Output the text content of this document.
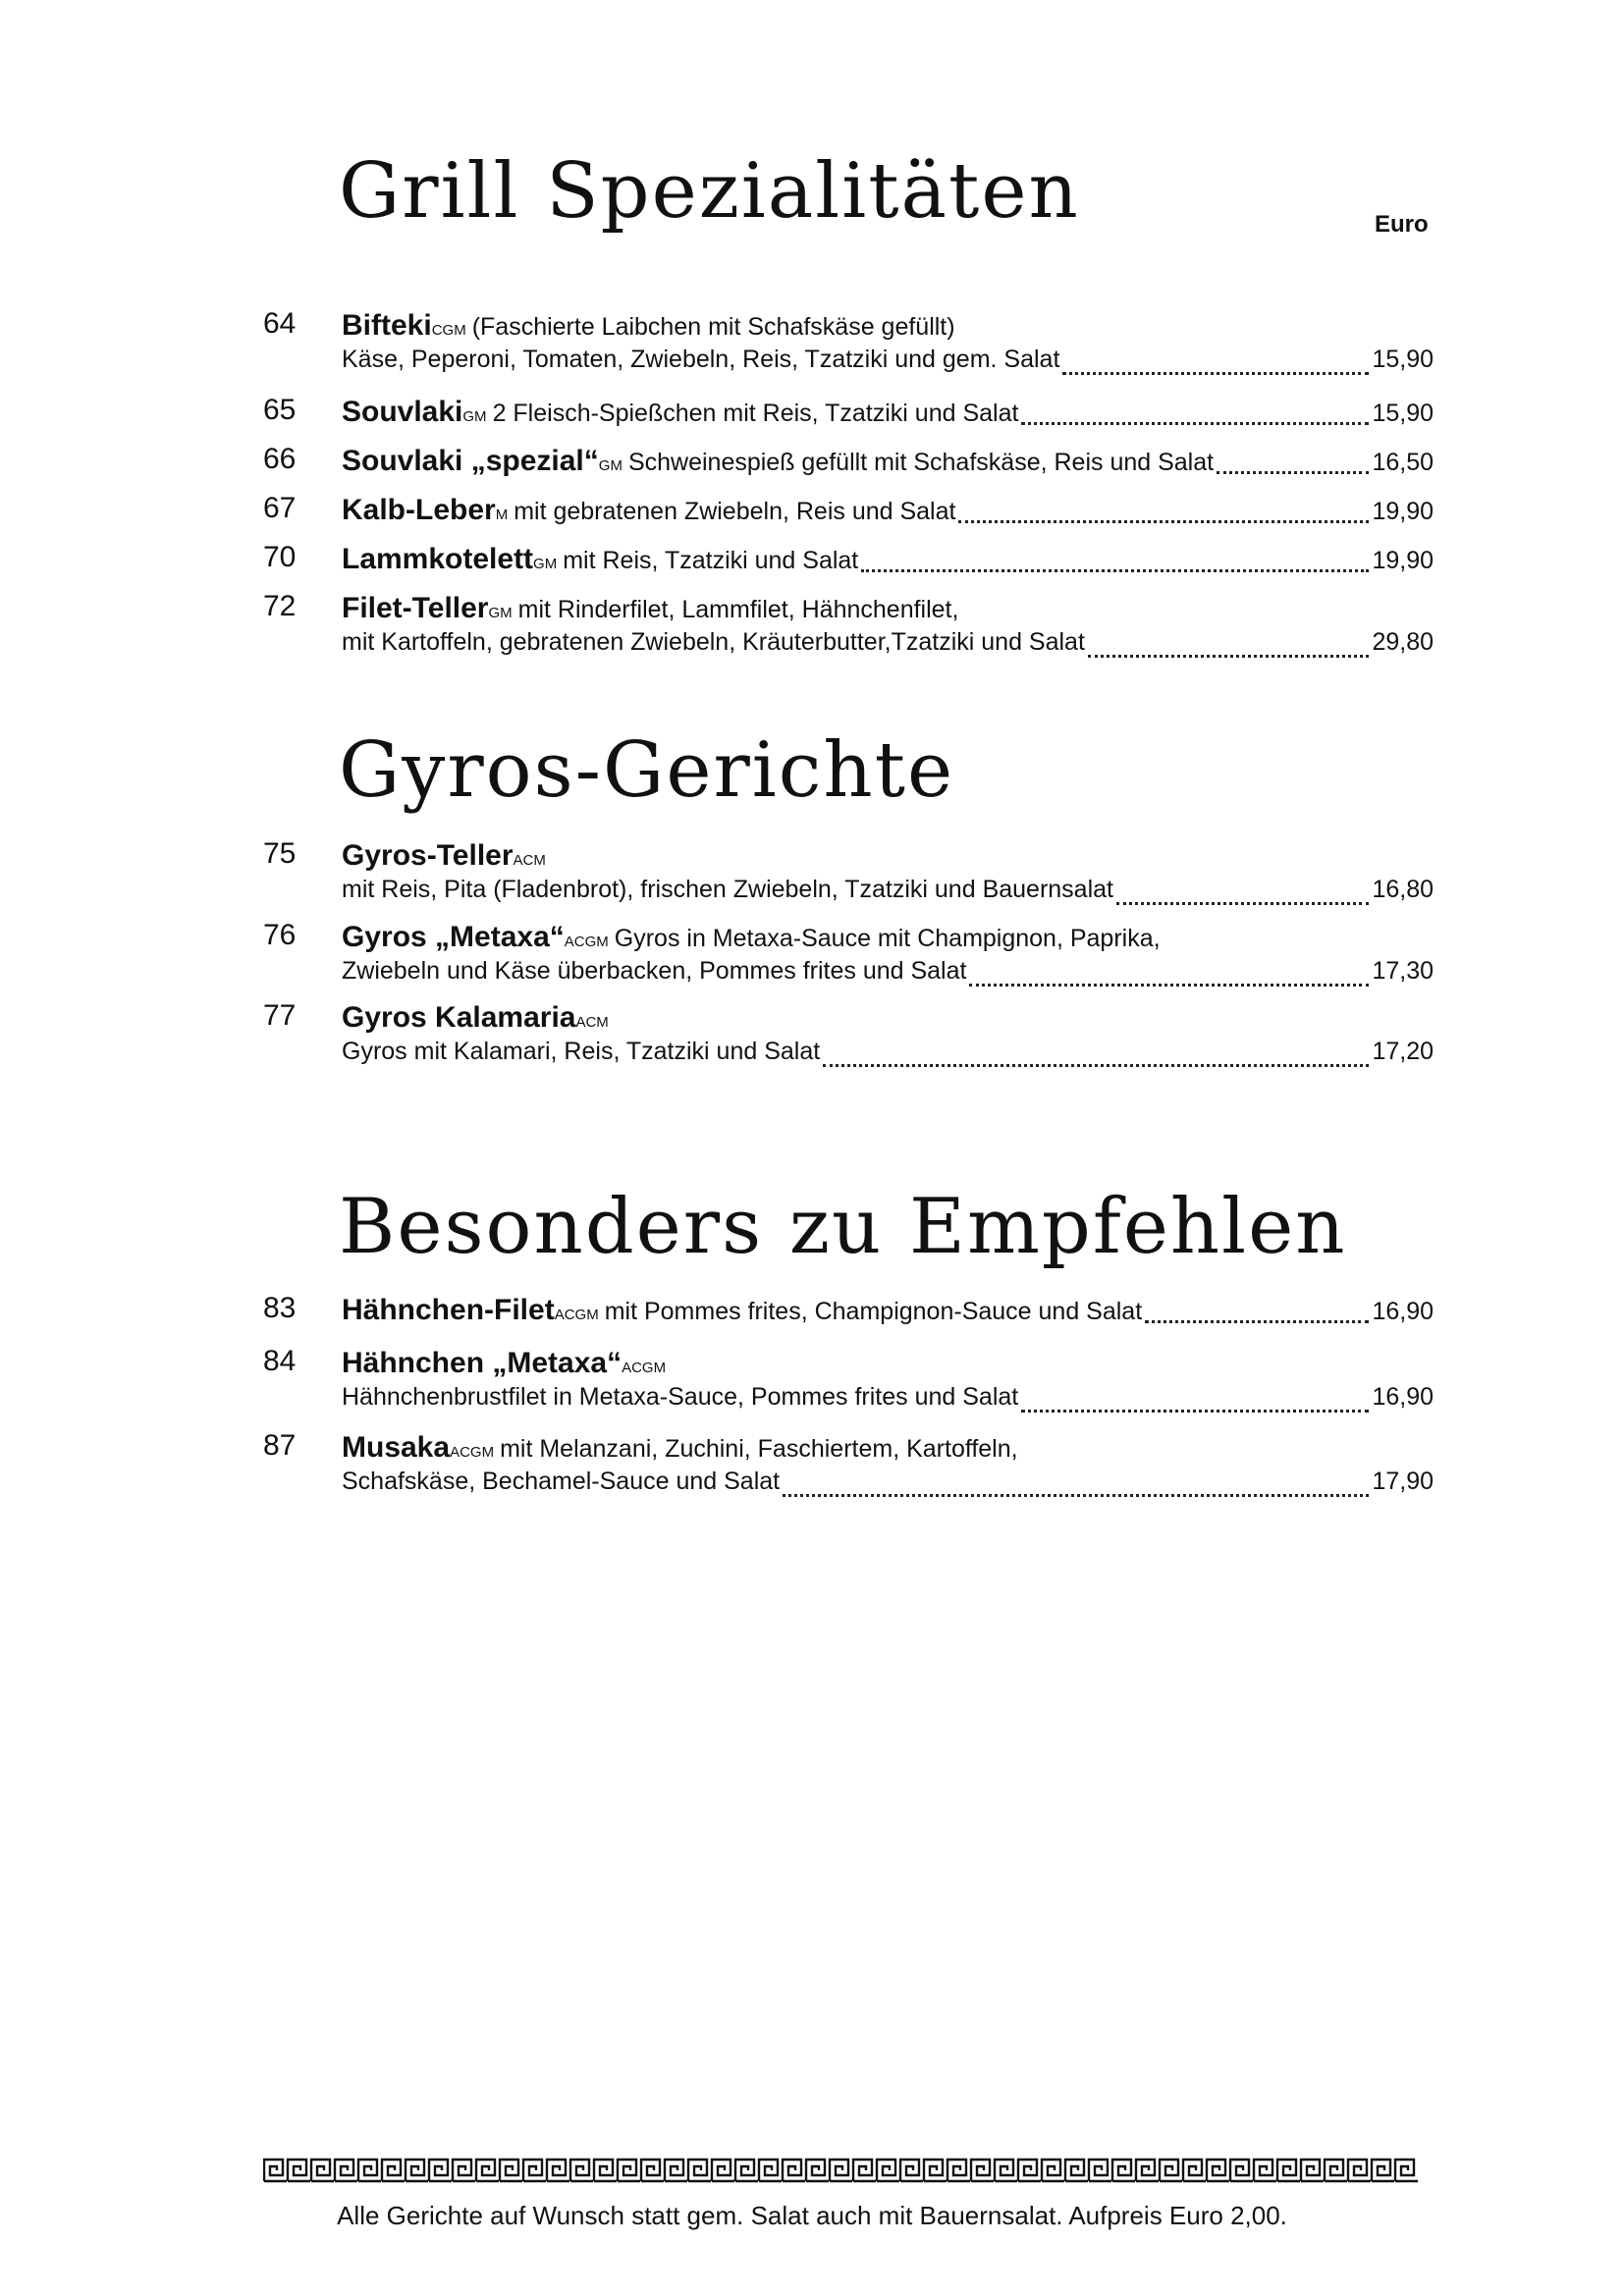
Grill Spezialitäten	Euro
Gyros-Gerichte
Besonders zu Empfehlen
64	Bifteki CGM (Faschierte Laibchen mit Schafskäse gefüllt)
Käse, Peperoni, Tomaten, Zwiebeln, Reis, Tzatziki und gem. Salat	15,90
65	Souvlaki GM 2 Fleisch-Spießchen mit Reis, Tzatziki und Salat	15,90
66	Souvlaki „spezial“ GM Schweinespieß gefüllt mit Schafskäse, Reis und Salat	16,50
67	Kalb-Leber M mit gebratenen Zwiebeln, Reis und Salat	19,90
70	Lammkotelett GM mit Reis, Tzatziki und Salat	19,90
72	Filet-Teller GM mit Rinderfilet, Lammfilet, Hähnchenfilet,
mit Kartoffeln, gebratenen Zwiebeln, Kräuterbutter,Tzatziki und Salat	29,80
75	Gyros-Teller ACM
mit Reis, Pita (Fladenbrot), frischen Zwiebeln, Tzatziki und Bauernsalat	16,80
76	Gyros „Metaxa“ ACGM Gyros in Metaxa-Sauce mit Champignon, Paprika,
Zwiebeln und Käse überbacken, Pommes frites und Salat	17,30
77	Gyros Kalamaria ACM
Gyros mit Kalamari, Reis, Tzatziki und Salat	17,20
83	Hähnchen-Filet ACGM mit Pommes frites, Champignon-Sauce und Salat	16,90
84	Hähnchen „Metaxa“ ACGM
Hähnchenbrustfilet in Metaxa-Sauce, Pommes frites und Salat	16,90
87	Musaka ACGM mit Melanzani, Zuchini, Faschiertem, Kartoffeln,
Schafskäse, Bechamel-Sauce und Salat	17,90
Alle Gerichte auf Wunsch statt gem. Salat auch mit Bauernsalat. Aufpreis Euro 2,00.
